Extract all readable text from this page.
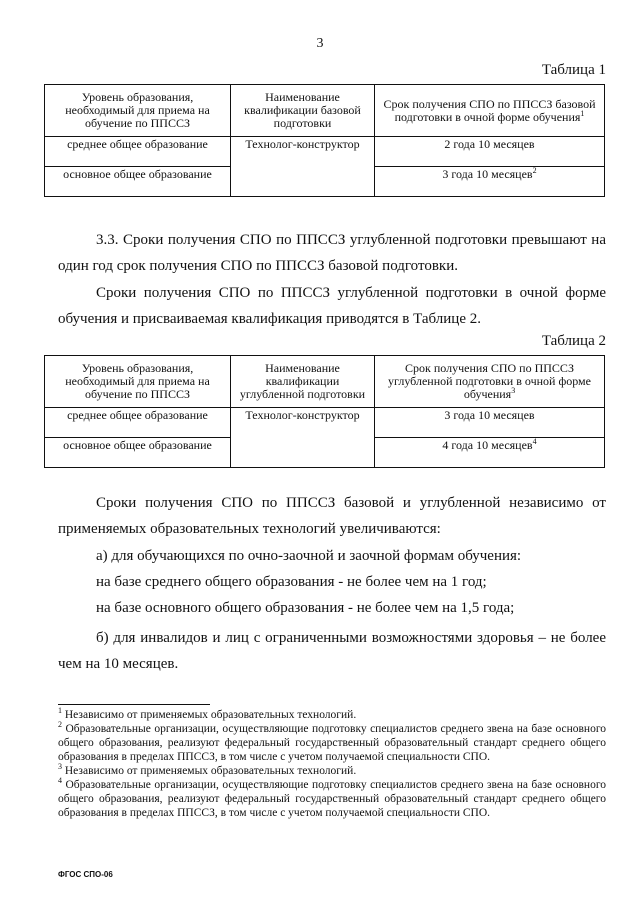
3
Таблица 1
Уровень образования, необходимый для приема на обучение по ППССЗ	Наименование квалификации базовой подготовки	Срок получения СПО по ППССЗ базовой подготовки в очной форме обучения$^1$
среднее общее образование	Технолог-конструктор	2 года 10 месяцев
основное общее образование		3 года 10 месяцев$^2$

3.3. Сроки получения СПО по ППССЗ углубленной подготовки превышают на один год срок получения СПО по ППССЗ базовой подготовки.

Сроки получения СПО по ППССЗ углубленной подготовки в очной форме обучения и присваиваемая квалификация приводятся в Таблице 2.

Таблица 2
Уровень образования, необходимый для приема на обучение по ППССЗ	Наименование квалификации углубленной подготовки	Срок получения СПО по ППССЗ углубленной подготовки в очной форме обучения$^3$
среднее общее образование	Технолог-конструктор	3 года 10 месяцев
основное общее образование		4 года 10 месяцев$^4$

Сроки получения СПО по ППССЗ базовой и углубленной независимо от применяемых образовательных технологий увеличиваются:

а) для обучающихся по очно-заочной и заочной формам обучения:

на базе среднего общего образования - не более чем на 1 год;

на базе основного общего образования - не более чем на 1,5 года;

б) для инвалидов и лиц с ограниченными возможностями здоровья – не более чем на 10 месяцев.

$^1$ Независимо от применяемых образовательных технологий.

$^2$ Образовательные организации, осуществляющие подготовку специалистов среднего звена на базе основного общего образования, реализуют федеральный государственный образовательный стандарт среднего общего образования в пределах ППССЗ, в том числе с учетом получаемой специальности СПО.

$^3$ Независимо от применяемых образовательных технологий.

$^4$ Образовательные организации, осуществляющие подготовку специалистов среднего звена на базе основного общего образования, реализуют федеральный государственный образовательный стандарт среднего общего образования в пределах ППССЗ, в том числе с учетом получаемой специальности СПО.

ФГОС СПО-06
